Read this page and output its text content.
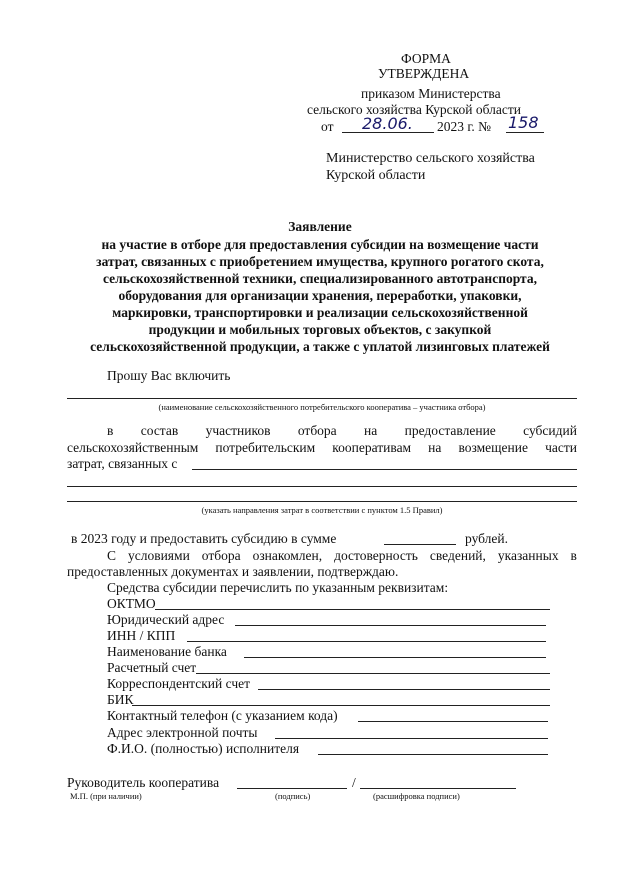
ФОРМА
УТВЕРЖДЕНА
приказом Министерства
сельского хозяйства Курской области
от 28.06. 2023 г. № 158
Министерство сельского хозяйства
Курской области
Заявление
на участие в отборе для предоставления субсидии на возмещение части
затрат, связанных с приобретением имущества, крупного рогатого скота,
сельскохозяйственной техники, специализированного автотранспорта,
оборудования для организации хранения, переработки, упаковки,
маркировки, транспортировки и реализации сельскохозяйственной
продукции и мобильных торговых объектов, с закупкой
сельскохозяйственной продукции, а также с уплатой лизинговых платежей
Прошу Вас включить
(наименование сельскохозяйственного потребительского кооператива – участника отбора)
в состав участников отбора на предоставление субсидий
сельскохозяйственным потребительским кооперативам на возмещение части
затрат, связанных с
(указать направления затрат в соответствии с пунктом 1.5 Правил)
в 2023 году и предоставить субсидию в сумме	рублей.
С условиями отбора ознакомлен, достоверность сведений, указанных в
предоставленных документах и заявлении, подтверждаю.
Средства субсидии перечислить по указанным реквизитам:
ОКТМО
Юридический адрес
ИНН / КПП
Наименование банка
Расчетный счет
Корреспондентский счет
БИК
Контактный телефон (с указанием кода)
Адрес электронной почты
Ф.И.О. (полностью) исполнителя
Руководитель кооператива	/
М.П. (при наличии)	(подпись)	(расшифровка подписи)
